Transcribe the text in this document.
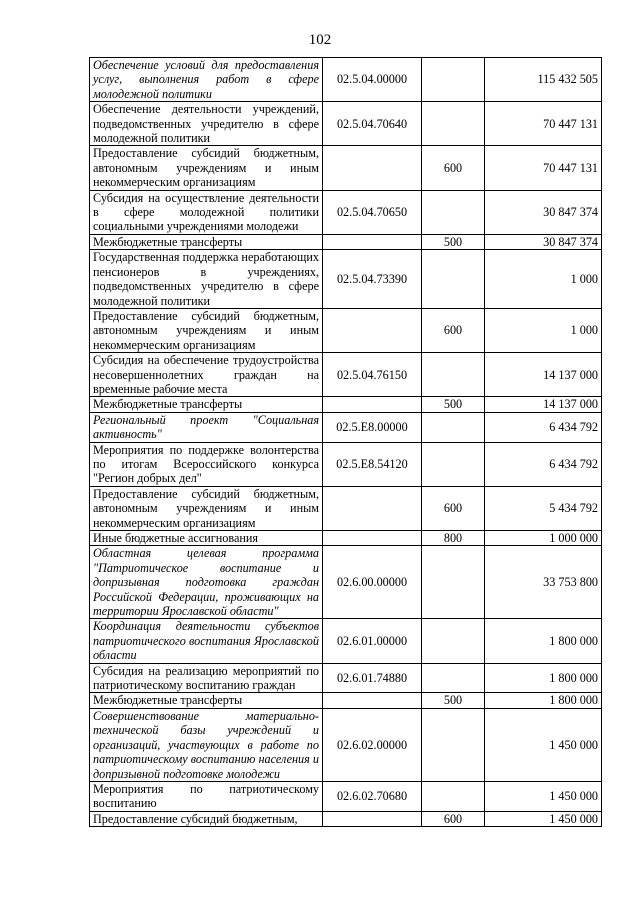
102
Обеспечение условий для предоставления услуг, выполнения работ в сфере молодежной политики	02.5.04.00000		115 432 505
Обеспечение деятельности учреждений, подведомственных учредителю в сфере молодежной политики	02.5.04.70640		70 447 131
Предоставление субсидий бюджетным, автономным учреждениям и иным некоммерческим организациям		600	70 447 131
Субсидия на осуществление деятельности в сфере молодежной политики социальными учреждениями молодежи	02.5.04.70650		30 847 374
Межбюджетные трансферты		500	30 847 374
Государственная поддержка неработающих пенсионеров в учреждениях, подведомственных учредителю в сфере молодежной политики	02.5.04.73390		1 000
Предоставление субсидий бюджетным, автономным учреждениям и иным некоммерческим организациям		600	1 000
Субсидия на обеспечение трудоустройства несовершеннолетних граждан на временные рабочие места	02.5.04.76150		14 137 000
Межбюджетные трансферты		500	14 137 000
Региональный проект "Социальная активность"	02.5.E8.00000		6 434 792
Мероприятия по поддержке волонтерства по итогам Всероссийского конкурса "Регион добрых дел"	02.5.E8.54120		6 434 792
Предоставление субсидий бюджетным, автономным учреждениям и иным некоммерческим организациям		600	5 434 792
Иные бюджетные ассигнования		800	1 000 000
Областная целевая программа "Патриотическое воспитание и допризывная подготовка граждан Российской Федерации, проживающих на территории Ярославской области"	02.6.00.00000		33 753 800
Координация деятельности субъектов патриотического воспитания Ярославской области	02.6.01.00000		1 800 000
Субсидия на реализацию мероприятий по патриотическому воспитанию граждан	02.6.01.74880		1 800 000
Межбюджетные трансферты		500	1 800 000
Совершенствование материально-технической базы учреждений и организаций, участвующих в работе по патриотическому воспитанию населения и допризывной подготовке молодежи	02.6.02.00000		1 450 000
Мероприятия по патриотическому воспитанию	02.6.02.70680		1 450 000
Предоставление субсидий бюджетным,		600	1 450 000
